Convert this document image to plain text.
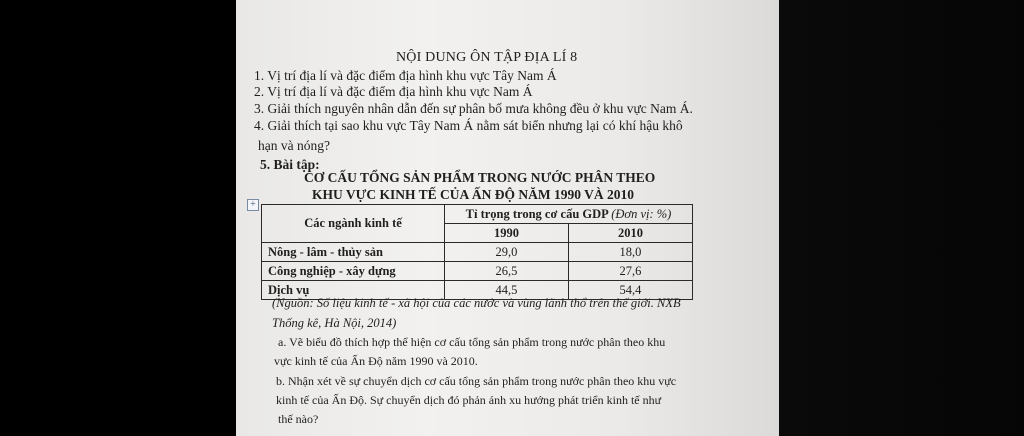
NỘI DUNG ÔN TẬP ĐỊA LÍ 8
1. Vị trí địa lí và đặc điểm địa hình khu vực Tây Nam Á
2. Vị trí địa lí và đặc điểm địa hình khu vực Nam Á
3. Giải thích nguyên nhân dẫn đến sự phân bố mưa không đều ở khu vực Nam Á.
4. Giải thích tại sao khu vực Tây Nam Á nằm sát biển nhưng lại có khí hậu khô
hạn và nóng?
5. Bài tập:
CƠ CẤU TỔNG SẢN PHẨM TRONG NƯỚC PHÂN THEO
KHU VỰC KINH TẾ CỦA ẤN ĐỘ NĂM 1990 VÀ 2010
+
Các ngành kinh tế	Tỉ trọng trong cơ cấu GDP (Đơn vị: %)	
	1990	2010
Nông - lâm - thủy sản	29,0	18,0
Công nghiệp - xây dựng	26,5	27,6
Dịch vụ	44,5	54,4
(Nguồn: Số liệu kinh tế - xã hội của các nước và vùng lãnh thổ trên thế giới. NXB
Thống kê, Hà Nội, 2014)
a. Vẽ biểu đồ thích hợp thể hiện cơ cấu tổng sản phẩm trong nước phân theo khu
vực kinh tế của Ấn Độ năm 1990 và 2010.
b. Nhận xét về sự chuyển dịch cơ cấu tổng sản phẩm trong nước phân theo khu vực
kinh tế của Ấn Độ. Sự chuyển dịch đó phản ánh xu hướng phát triển kinh tế như
thế nào?
